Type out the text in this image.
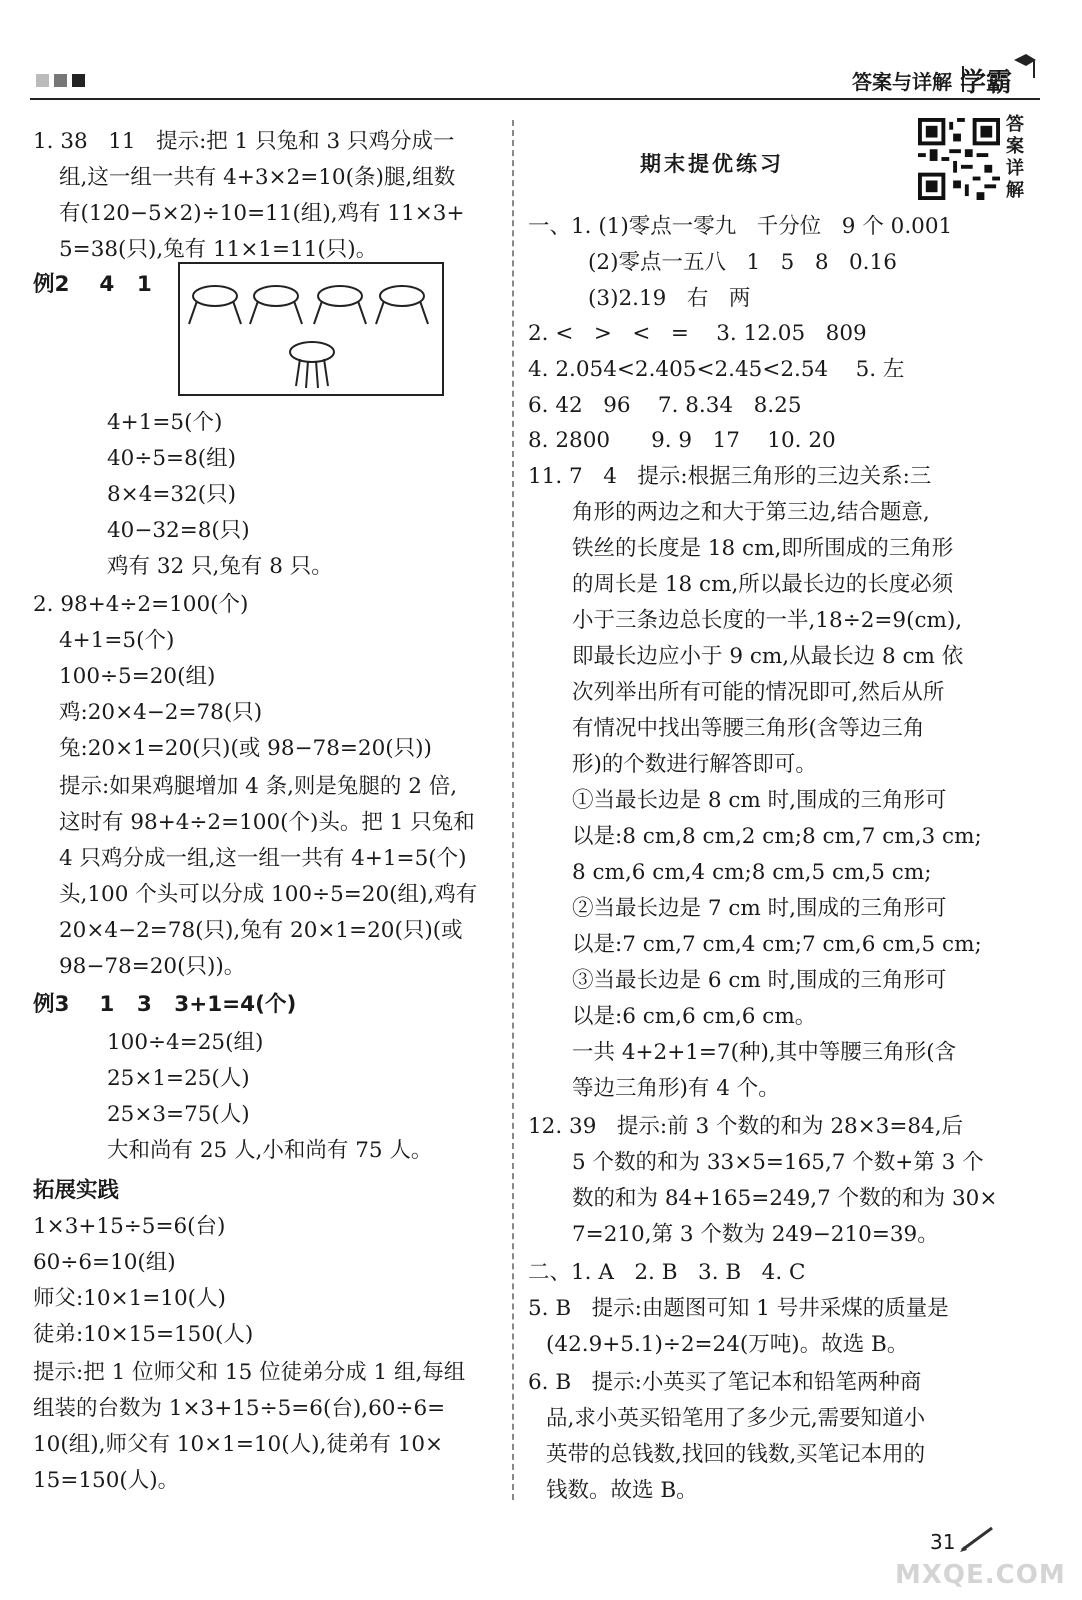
答案与详解 学霸
1. 38   11   提示:把 1 只兔和 3 只鸡分成一
组,这一组一共有 4+3×2=10(条)腿,组数
有(120−5×2)÷10=11(组),鸡有 11×3+
5=38(只),兔有 11×1=11(只)。
例2    4   1
4+1=5(个)
40÷5=8(组)
8×4=32(只)
40−32=8(只)
鸡有 32 只,兔有 8 只。
2. 98+4÷2=100(个)
4+1=5(个)
100÷5=20(组)
鸡:20×4−2=78(只)
兔:20×1=20(只)(或 98−78=20(只))
提示:如果鸡腿增加 4 条,则是兔腿的 2 倍,
这时有 98+4÷2=100(个)头。把 1 只兔和
4 只鸡分成一组,这一组一共有 4+1=5(个)
头,100 个头可以分成 100÷5=20(组),鸡有
20×4−2=78(只),兔有 20×1=20(只)(或
98−78=20(只))。
例3    1   3   3+1=4(个)
100÷4=25(组)
25×1=25(人)
25×3=75(人)
大和尚有 25 人,小和尚有 75 人。
拓展实践
1×3+15÷5=6(台)
60÷6=10(组)
师父:10×1=10(人)
徒弟:10×15=150(人)
提示:把 1 位师父和 15 位徒弟分成 1 组,每组
组装的台数为 1×3+15÷5=6(台),60÷6=
10(组),师父有 10×1=10(人),徒弟有 10×
15=150(人)。
期末提优练习
答案详解
一、1. (1)零点一零九   千分位   9 个 0.001
(2)零点一五八   1   5   8   0.16
(3)2.19   右   两
2. <   >   <   =    3. 12.05   809
4. 2.054<2.405<2.45<2.54    5. 左
6. 42   96    7. 8.34   8.25
8. 2800      9. 9   17    10. 20
11. 7   4   提示:根据三角形的三边关系:三
角形的两边之和大于第三边,结合题意,
铁丝的长度是 18 cm,即所围成的三角形
的周长是 18 cm,所以最长边的长度必须
小于三条边总长度的一半,18÷2=9(cm),
即最长边应小于 9 cm,从最长边 8 cm 依
次列举出所有可能的情况即可,然后从所
有情况中找出等腰三角形(含等边三角
形)的个数进行解答即可。
①当最长边是 8 cm 时,围成的三角形可
以是:8 cm,8 cm,2 cm;8 cm,7 cm,3 cm;
8 cm,6 cm,4 cm;8 cm,5 cm,5 cm;
②当最长边是 7 cm 时,围成的三角形可
以是:7 cm,7 cm,4 cm;7 cm,6 cm,5 cm;
③当最长边是 6 cm 时,围成的三角形可
以是:6 cm,6 cm,6 cm。
一共 4+2+1=7(种),其中等腰三角形(含
等边三角形)有 4 个。
12. 39   提示:前 3 个数的和为 28×3=84,后
5 个数的和为 33×5=165,7 个数+第 3 个
数的和为 84+165=249,7 个数的和为 30×
7=210,第 3 个数为 249−210=39。
二、1. A   2. B   3. B   4. C
5. B   提示:由题图可知 1 号井采煤的质量是
(42.9+5.1)÷2=24(万吨)。故选 B。
6. B   提示:小英买了笔记本和铅笔两种商
品,求小英买铅笔用了多少元,需要知道小
英带的总钱数,找回的钱数,买笔记本用的
钱数。故选 B。
31
MXQE.COM
